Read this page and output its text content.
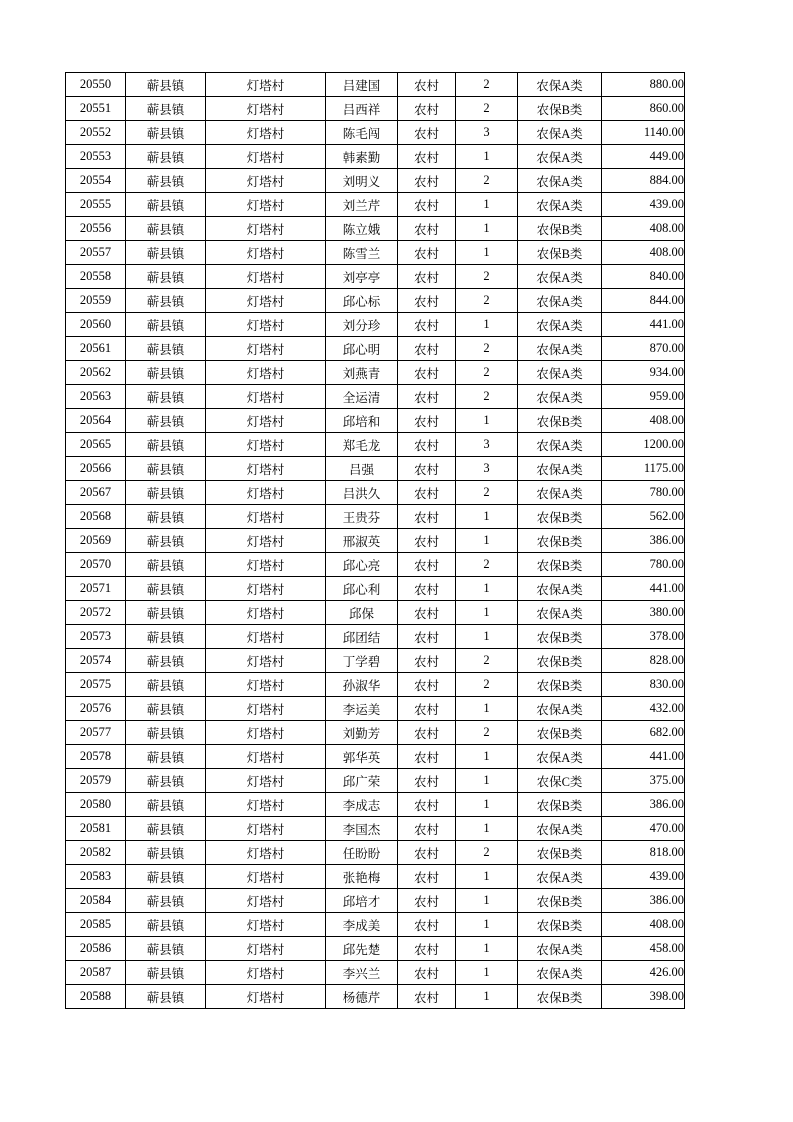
20550	蕲县镇	灯塔村	吕建国	农村	2	农保A类	880.00
20551	蕲县镇	灯塔村	吕西祥	农村	2	农保B类	860.00
20552	蕲县镇	灯塔村	陈毛闯	农村	3	农保A类	1140.00
20553	蕲县镇	灯塔村	韩素勤	农村	1	农保A类	449.00
20554	蕲县镇	灯塔村	刘明义	农村	2	农保A类	884.00
20555	蕲县镇	灯塔村	刘兰芹	农村	1	农保A类	439.00
20556	蕲县镇	灯塔村	陈立娥	农村	1	农保B类	408.00
20557	蕲县镇	灯塔村	陈雪兰	农村	1	农保B类	408.00
20558	蕲县镇	灯塔村	刘亭亭	农村	2	农保A类	840.00
20559	蕲县镇	灯塔村	邱心标	农村	2	农保A类	844.00
20560	蕲县镇	灯塔村	刘分珍	农村	1	农保A类	441.00
20561	蕲县镇	灯塔村	邱心明	农村	2	农保A类	870.00
20562	蕲县镇	灯塔村	刘燕青	农村	2	农保A类	934.00
20563	蕲县镇	灯塔村	全运清	农村	2	农保A类	959.00
20564	蕲县镇	灯塔村	邱培和	农村	1	农保B类	408.00
20565	蕲县镇	灯塔村	郑毛龙	农村	3	农保A类	1200.00
20566	蕲县镇	灯塔村	吕强	农村	3	农保A类	1175.00
20567	蕲县镇	灯塔村	吕洪久	农村	2	农保A类	780.00
20568	蕲县镇	灯塔村	王贵芬	农村	1	农保B类	562.00
20569	蕲县镇	灯塔村	邢淑英	农村	1	农保B类	386.00
20570	蕲县镇	灯塔村	邱心亮	农村	2	农保B类	780.00
20571	蕲县镇	灯塔村	邱心利	农村	1	农保A类	441.00
20572	蕲县镇	灯塔村	邱保	农村	1	农保A类	380.00
20573	蕲县镇	灯塔村	邱团结	农村	1	农保B类	378.00
20574	蕲县镇	灯塔村	丁学碧	农村	2	农保B类	828.00
20575	蕲县镇	灯塔村	孙淑华	农村	2	农保B类	830.00
20576	蕲县镇	灯塔村	李运美	农村	1	农保A类	432.00
20577	蕲县镇	灯塔村	刘勤芳	农村	2	农保B类	682.00
20578	蕲县镇	灯塔村	郭华英	农村	1	农保A类	441.00
20579	蕲县镇	灯塔村	邱广荣	农村	1	农保C类	375.00
20580	蕲县镇	灯塔村	李成志	农村	1	农保B类	386.00
20581	蕲县镇	灯塔村	李国杰	农村	1	农保A类	470.00
20582	蕲县镇	灯塔村	任盼盼	农村	2	农保B类	818.00
20583	蕲县镇	灯塔村	张艳梅	农村	1	农保A类	439.00
20584	蕲县镇	灯塔村	邱培才	农村	1	农保B类	386.00
20585	蕲县镇	灯塔村	李成美	农村	1	农保B类	408.00
20586	蕲县镇	灯塔村	邱先楚	农村	1	农保A类	458.00
20587	蕲县镇	灯塔村	李兴兰	农村	1	农保A类	426.00
20588	蕲县镇	灯塔村	杨德芹	农村	1	农保B类	398.00
